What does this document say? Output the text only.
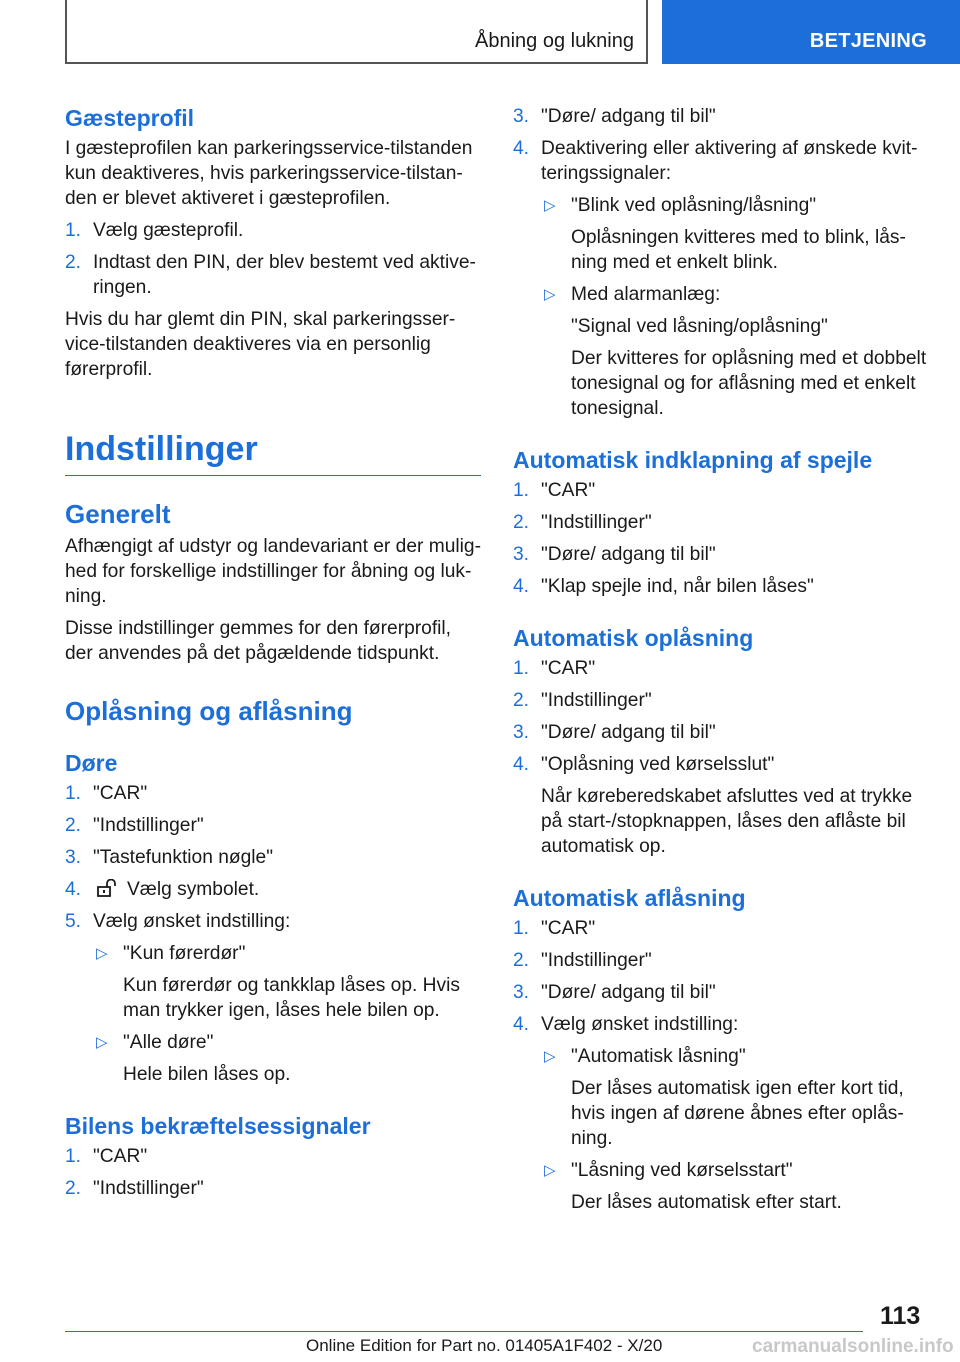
Åbning og lukning	BETJENING
Gæsteprofil

I gæsteprofilen kan parkeringsservice-tilstanden kun deaktiveres, hvis parkeringsservice-tilstanden er blevet aktiveret i gæsteprofilen.

1. Vælg gæsteprofil.
2. Indtast den PIN, der blev bestemt ved aktiveringen.

Hvis du har glemt din PIN, skal parkeringsservice-tilstanden deaktiveres via en personlig førerprofil.

Indstillinger
Generelt

Afhængigt af udstyr og landevariant er der mulighed for forskellige indstillinger for åbning og lukning.

Disse indstillinger gemmes for den førerprofil, der anvendes på det pågældende tidspunkt.

Oplåsning og aflåsning
Døre
1. "CAR"
2. "Indstillinger"
3. "Tastefunktion nøgle"
4.	Vælg symbolet.
5. Vælg ønsket indstilling:
▷ "Kun førerdør"

Kun førerdør og tankklap låses op. Hvis man trykker igen, låses hele bilen op.

▷ "Alle døre"

Hele bilen låses op.

Bilens bekræftelsessignaler
1. "CAR"
2. "Indstillinger"
3. "Døre/ adgang til bil"
4. Deaktivering eller aktivering af ønskede kvitteringssignaler:
▷ "Blink ved oplåsning/låsning"

Oplåsningen kvitteres med to blink, låsning med et enkelt blink.

▷ Med alarmanlæg:

"Signal ved låsning/oplåsning"

Der kvitteres for oplåsning med et dobbelt tonesignal og for aflåsning med et enkelt tonesignal.

Automatisk indklapning af spejle
1. "CAR"
2. "Indstillinger"
3. "Døre/ adgang til bil"
4. "Klap spejle ind, når bilen låses"
Automatisk oplåsning
1. "CAR"
2. "Indstillinger"
3. "Døre/ adgang til bil"
4. "Oplåsning ved kørselsslut"

Når køreberedskabet afsluttes ved at trykke på start-/stopknappen, låses den aflåste bil automatisk op.

Automatisk aflåsning
1. "CAR"
2. "Indstillinger"
3. "Døre/ adgang til bil"
4. Vælg ønsket indstilling:
▷ "Automatisk låsning"

Der låses automatisk igen efter kort tid, hvis ingen af dørene åbnes efter oplåsning.

▷ "Låsning ved kørselsstart"

Der låses automatisk efter start.

113
Online Edition for Part no. 01405A1F402 - X/20	carmanualsonline.info
